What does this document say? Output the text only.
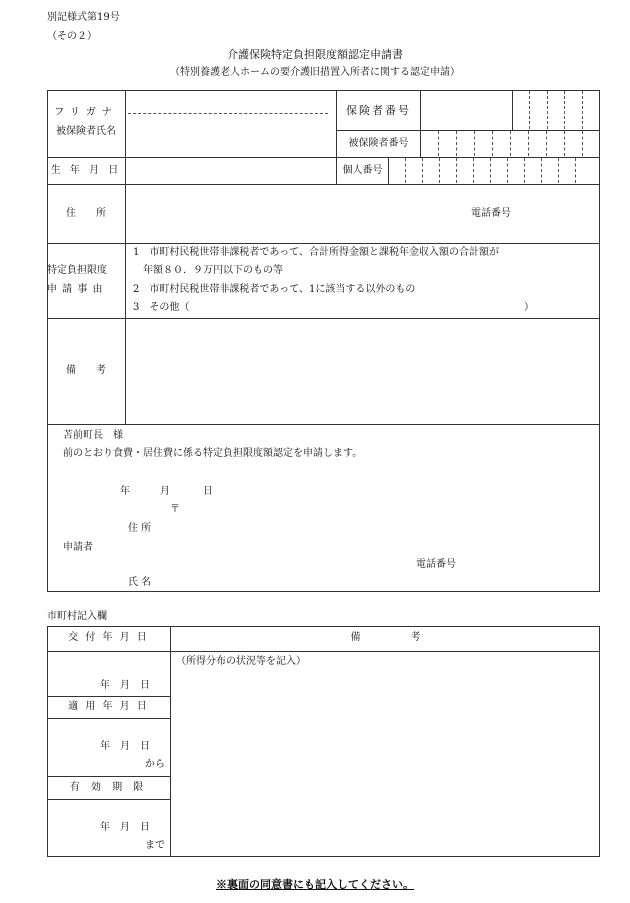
別記様式第19号
（その２）
介護保険特定負担限度額認定申請書
（特別養護老人ホームの要介護旧措置入所者に関する認定申請）
フリガナ
被保険者氏名
保険者番号
被保険者番号
生 年 月 日	個人番号
住　　所	電話番号
特定負担限度
申 請 事 由
1　市町村民税世帯非課税者であって、合計所得金額と課税年金収入額の合計額が
年額８０．９万円以下のもの等
2　市町村民税世帯非課税者であって、1に該当する以外のもの
3　その他（	）
備　　考
苫前町長　様
前のとおり食費・居住費に係る特定負担限度額認定を申請します。
年	月	日
〒
住 所
申請者
電話番号
氏 名
市町村記入欄
交 付 年 月 日	備　　　　　考
（所得分布の状況等を記入）
年　月　日
適 用 年 月 日
年　月　日
から
有 効 期 限
年　月　日
まで
※裏面の同意書にも記入してください。
